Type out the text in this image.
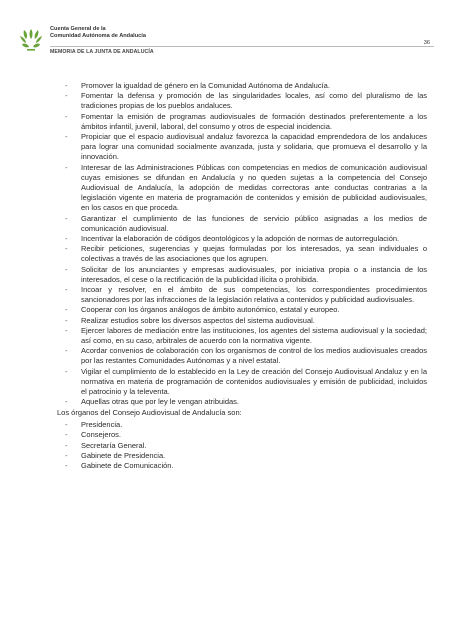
Cuenta General de la
Comunidad Autónoma de Andalucía
MEMORIA DE LA JUNTA DE ANDALUCÍA
36
- Promover la igualdad de género en la Comunidad Autónoma de Andalucía.
- Fomentar la defensa y promoción de las singularidades locales, así como del pluralismo de las tradiciones propias de los pueblos andaluces.
- Fomentar la emisión de programas audiovisuales de formación destinados preferentemente a los ámbitos infantil, juvenil, laboral, del consumo y otros de especial incidencia.
- Propiciar que el espacio audiovisual andaluz favorezca la capacidad emprendedora de los andaluces para lograr una comunidad socialmente avanzada, justa y solidaria, que promueva el desarrollo y la innovación.
- Interesar de las Administraciones Públicas con competencias en medios de comunicación audiovisual cuyas emisiones se difundan en Andalucía y no queden sujetas a la competencia del Consejo Audiovisual de Andalucía, la adopción de medidas correctoras ante conductas contrarias a la legislación vigente en materia de programación de contenidos y emisión de publicidad audiovisuales, en los casos en que proceda.
- Garantizar el cumplimiento de las funciones de servicio público asignadas a los medios de comunicación audiovisual.
- Incentivar la elaboración de códigos deontológicos y la adopción de normas de autorregulación.
- Recibir peticiones, sugerencias y quejas formuladas por los interesados, ya sean individuales o colectivas a través de las asociaciones que los agrupen.
- Solicitar de los anunciantes y empresas audiovisuales, por iniciativa propia o a instancia de los interesados, el cese o la rectificación de la publicidad ilícita o prohibida.
- Incoar y resolver, en el ámbito de sus competencias, los correspondientes procedimientos sancionadores por las infracciones de la legislación relativa a contenidos y publicidad audiovisuales.
- Cooperar con los órganos análogos de ámbito autonómico, estatal y europeo.
- Realizar estudios sobre los diversos aspectos del sistema audiovisual.
- Ejercer labores de mediación entre las instituciones, los agentes del sistema audiovisual y la sociedad; así como, en su caso, arbitrales de acuerdo con la normativa vigente.
- Acordar convenios de colaboración con los organismos de control de los medios audiovisuales creados por las restantes Comunidades Autónomas y a nivel estatal.
- Vigilar el cumplimiento de lo establecido en la Ley de creación del Consejo Audiovisual Andaluz y en la normativa en materia de programación de contenidos audiovisuales y emisión de publicidad, incluidos el patrocinio y la televenta.
- Aquellas otras que por ley le vengan atribuidas.

Los órganos del Consejo Audiovisual de Andalucía son:

- Presidencia.
- Consejeros.
- Secretaría General.
- Gabinete de Presidencia.
- Gabinete de Comunicación.
